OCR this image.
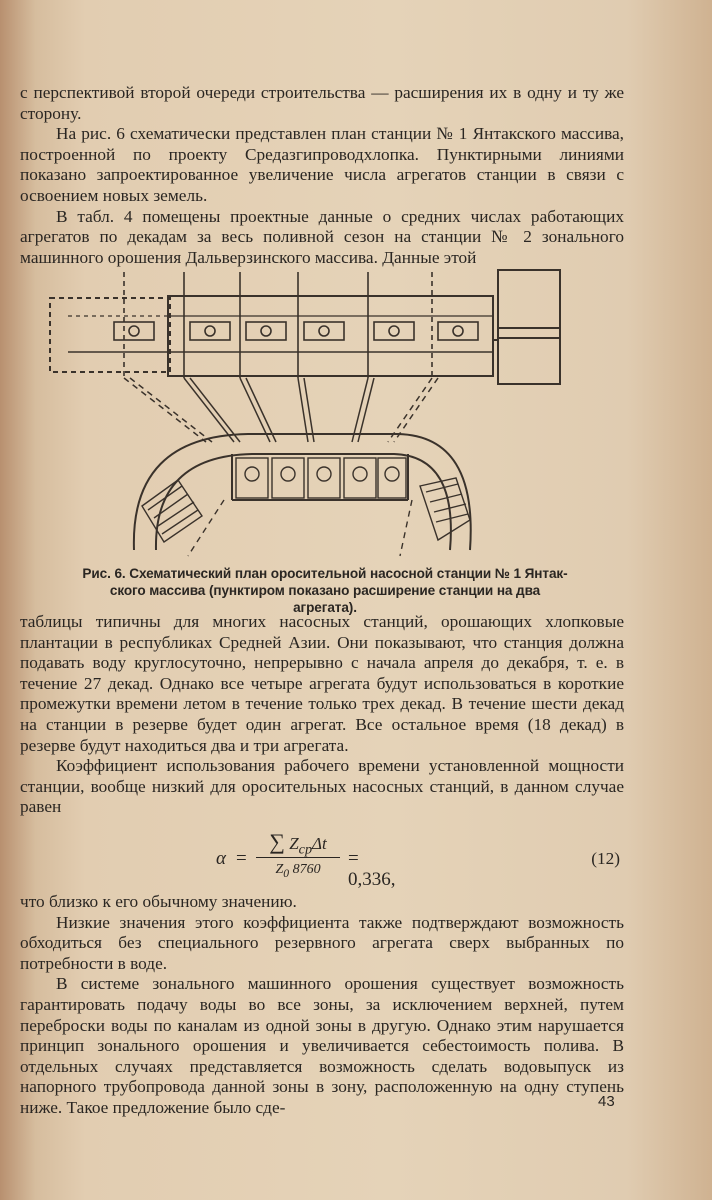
с перспективой второй очереди строительства — расширения их в одну и ту же сторону.

На рис. 6 схематически представлен план станции № 1 Янтакского массива, построенной по проекту Средазгипроводхлопка. Пунктирными линиями показано запроектированное увеличение числа агрегатов станции в связи с освоением новых земель.

В табл. 4 помещены проектные данные о средних числах работающих агрегатов по декадам за весь поливной сезон на станции № 2 зонального машинного орошения Дальверзинского массива. Данные этой

Рис. 6. Схематический план оросительной насосной станции № 1 Янтак-
ского массива (пунктиром показано расширение станции на два
агрегата).

таблицы типичны для многих насосных станций, орошающих хлопковые плантации в республиках Средней Азии. Они показывают, что станция должна подавать воду круглосуточно, непрерывно с начала апреля до декабря, т. е. в течение 27 декад. Однако все четыре агрегата будут использоваться в короткие промежутки времени летом в течение только трех декад. В течение шести декад на станции в резерве будет один агрегат. Все остальное время (18 декад) в резерве будут находиться два и три агрегата.

Коэффициент использования рабочего времени установленной мощности станции, вообще низкий для оросительных насосных станций, в данном случае равен

α =
∑ $Z_{ср}\Delta t$
$Z_0$ 8760
= 0,336,
(12)

что близко к его обычному значению.

Низкие значения этого коэффициента также подтверждают возможность обходиться без специального резервного агрегата сверх выбранных по потребности в воде.

В системе зонального машинного орошения существует возможность гарантировать подачу воды во все зоны, за исключением верхней, путем переброски воды по каналам из одной зоны в другую. Однако этим нарушается принцип зонального орошения и увеличивается себестоимость полива. В отдельных случаях представляется возможность сделать водовыпуск из напорного трубопровода данной зоны в зону, расположенную на одну ступень ниже. Такое предложение было сде-	43
